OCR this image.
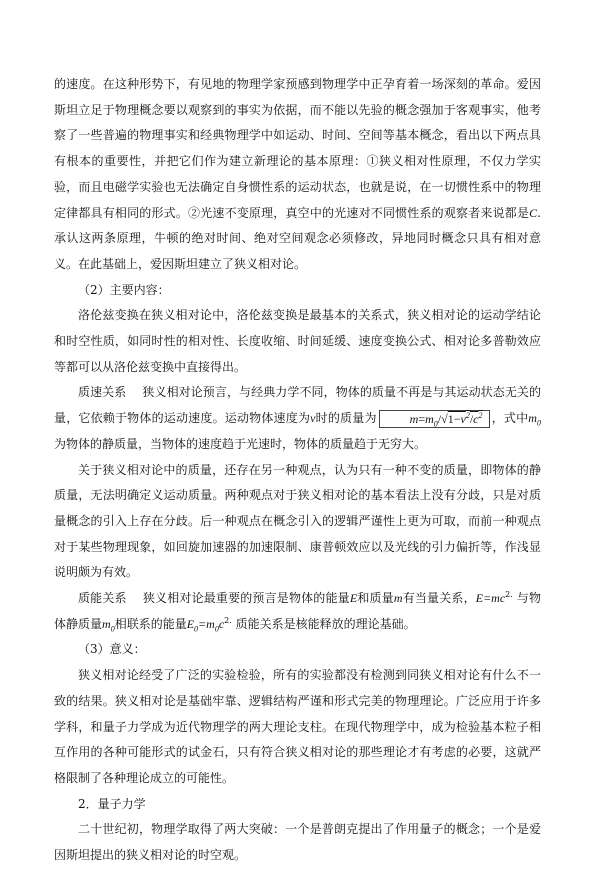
的速度。在这种形势下，有见地的物理学家预感到物理学中正孕育着一场深刻的革命。爱因斯坦立足于物理概念要以观察到的事实为依据，而不能以先验的概念强加于客观事实，他考察了一些普遍的物理事实和经典物理学中如运动、时间、空间等基本概念，看出以下两点具有根本的重要性，并把它们作为建立新理论的基本原理：①狭义相对性原理，不仅力学实验，而且电磁学实验也无法确定自身惯性系的运动状态，也就是说，在一切惯性系中的物理定律都具有相同的形式。②光速不变原理，真空中的光速对不同惯性系的观察者来说都是C. 承认这两条原理，牛顿的绝对时间、绝对空间观念必须修改，异地同时概念只具有相对意义。在此基础上，爱因斯坦建立了狭义相对论。

（2）主要内容：

洛伦兹变换在狭义相对论中，洛伦兹变换是最基本的关系式，狭义相对论的运动学结论和时空性质，如同时性的相对性、长度收缩、时间延缓、速度变换公式、相对论多普勒效应等都可以从洛伦兹变换中直接得出。

质速关系 狭义相对论预言，与经典力学不同，物体的质量不再是与其运动状态无关的量，它依赖于物体的运动速度。运动物体速度为v时的质量为	$m=m_0/√1-v^2/c^2$ ，式中$m_0$为物体的静质量，当物体的速度趋于光速时，物体的质量趋于无穷大。

关于狭义相对论中的质量，还存在另一种观点，认为只有一种不变的质量，即物体的静质量，无法明确定义运动质量。两种观点对于狭义相对论的基本看法上没有分歧，只是对质量概念的引入上存在分歧。后一种观点在概念引入的逻辑严谨性上更为可取，而前一种观点对于某些物理现象，如回旋加速器的加速限制、康普顿效应以及光线的引力偏折等，作浅显说明颇为有效。

质能关系 狭义相对论最重要的预言是物体的能量E和质量m有当量关系，$E=mc^{2.}$ 与物体静质量$m_0$相联系的能量$E_0=m_0c^{2.}$ 质能关系是核能释放的理论基础。

（3）意义：

狭义相对论经受了广泛的实验检验，所有的实验都没有检测到同狭义相对论有什么不一致的结果。狭义相对论是基础牢靠、逻辑结构严谨和形式完美的物理理论。广泛应用于许多学科，和量子力学成为近代物理学的两大理论支柱。在现代物理学中，成为检验基本粒子相互作用的各种可能形式的试金石，只有符合狭义相对论的那些理论才有考虑的必要，这就严格限制了各种理论成立的可能性。

2．量子力学

二十世纪初，物理学取得了两大突破：一个是普朗克提出了作用量子的概念；一个是爱因斯坦提出的狭义相对论的时空观。
